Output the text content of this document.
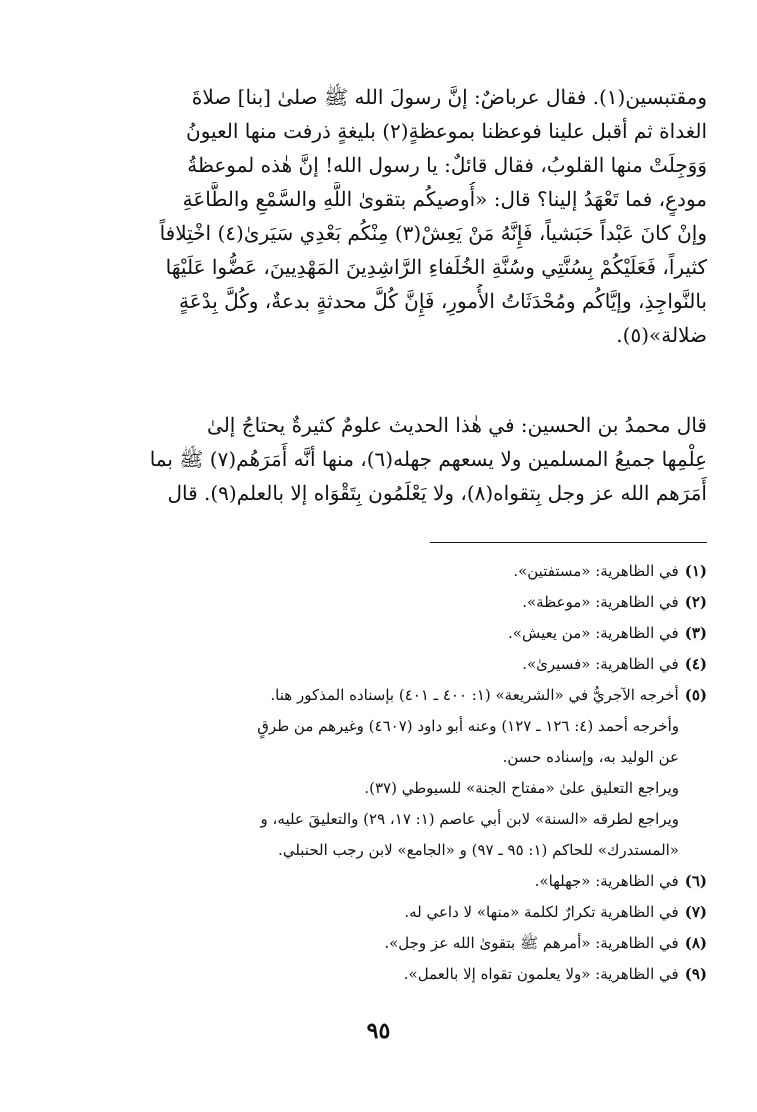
ومقتبسين(١). فقال عرباضٌ: إنَّ رسولَ الله ﷺ صلىٰ [بنا] صلاةَ
الغداة ثم أقبل علينا فوعظنا بموعظةٍ(٢) بليغةٍ ذرفت منها العيونُ
وَوَجِلَتْ منها القلوبُ، فقال قائلٌ: يا رسول الله! إنَّ هٰذه لموعظةُ
مودعٍ، فما تَعْهَدُ إلينا؟ قال: «أُوصيكُم بتقوىٰ اللَّهِ والسَّمْعِ والطَّاعَةِ
وإنْ كانَ عَبْداً حَبَشياً، فَإِنَّهُ مَنْ يَعِشْ(٣) مِنْكُم بَعْدِي سَيَرىٰ(٤) اخْتِلافاً
كثيراً، فَعَلَيْكُمْ بِسُنَّتِي وسُنَّةِ الخُلَفاءِ الرَّاشِدِينَ المَهْدِيينَ، عَضُّوا عَلَيْهَا
بالنَّواجِذِ، وإيَّاكُم ومُحْدَثَاتُ الأُمورِ، فَإِنَّ كُلَّ محدثةٍ بدعةٌ، وكُلَّ بِدْعَةٍ
ضلالة»(٥).

قال محمدُ بن الحسين: في هٰذا الحديث علومٌ كثيرةٌ يحتاجُ إلىٰ
عِلْمِها جميعُ المسلمين ولا يسعهم جهله(٦)، منها أنَّه أَمَرَهُم(٧) ﷺ بما
أَمَرَهم الله عز وجل بِتقواه(٨)، ولا يَعْلَمُون بِتَقْوَاه إلا بالعلم(٩). قال

(١)في الظاهرية: «مستفتين».
(٢)في الظاهرية: «موعظة».
(٣)في الظاهرية: «من يعيش».
(٤)في الظاهرية: «فسيرىٰ».
(٥)أخرجه الآجريُّ في «الشريعة» (١: ٤٠٠ ـ ٤٠١) بإسناده المذكور هنا.
وأخرجه أحمد (٤: ١٢٦ ـ ١٢٧) وعنه أبو داود (٤٦٠٧) وغيرهم من طرقٍ
عن الوليد به، وإسناده حسن.
ويراجع التعليق علىٰ «مفتاح الجنة» للسيوطي (٣٧).
ويراجع لطرقه «السنة» لابن أبي عاصم (١: ١٧، ٢٩) والتعليقَ عليه، و
«المستدرك» للحاكم (١: ٩٥ ـ ٩٧) و «الجامع» لابن رجب الحنبلي.
(٦)في الظاهرية: «جهلها».
(٧)في الظاهرية تكرارٌ لكلمة «منها» لا داعي له.
(٨)في الظاهرية: «أمرهم ﷺ بتقوىٰ الله عز وجل».
(٩)في الظاهرية: «ولا يعلمون تقواه إلا بالعمل».
٩٥
